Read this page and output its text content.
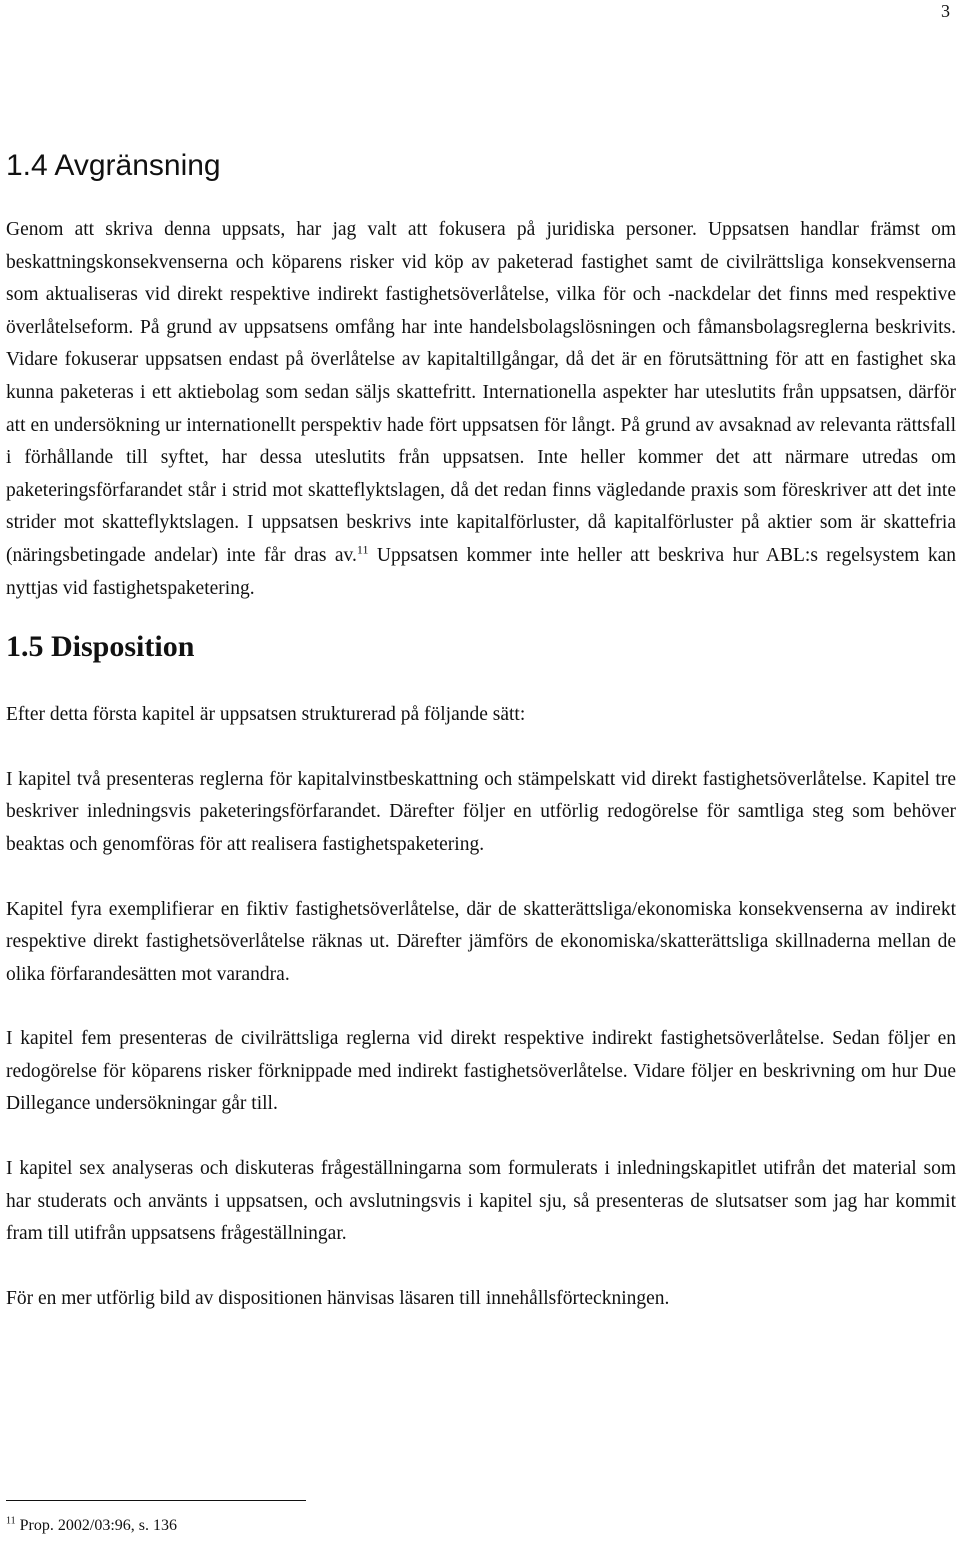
3
1.4 Avgränsning

Genom att skriva denna uppsats, har jag valt att fokusera på juridiska personer. Uppsatsen handlar främst om beskattningskonsekvenserna och köparens risker vid köp av paketerad fastighet samt de civilrättsliga konsekvenserna som aktualiseras vid direkt respektive indirekt fastighetsöverlåtelse, vilka för och -nackdelar det finns med respektive överlåtelseform. På grund av uppsatsens omfång har inte handelsbolagslösningen och fåmansbolagsreglerna beskrivits. Vidare fokuserar uppsatsen endast på överlåtelse av kapitaltillgångar, då det är en förutsättning för att en fastighet ska kunna paketeras i ett aktiebolag som sedan säljs skattefritt. Internationella aspekter har uteslutits från uppsatsen, därför att en undersökning ur internationellt perspektiv hade fört uppsatsen för långt. På grund av avsaknad av relevanta rättsfall i förhållande till syftet, har dessa uteslutits från uppsatsen. Inte heller kommer det att närmare utredas om paketeringsförfarandet står i strid mot skatteflyktslagen, då det redan finns vägledande praxis som föreskriver att det inte strider mot skatteflyktslagen. I uppsatsen beskrivs inte kapitalförluster, då kapitalförluster på aktier som är skattefria (näringsbetingade andelar) inte får dras av.$^{11}$ Uppsatsen kommer inte heller att beskriva hur ABL:s regelsystem kan nyttjas vid fastighetspaketering.

1.5 Disposition

Efter detta första kapitel är uppsatsen strukturerad på följande sätt:

I kapitel två presenteras reglerna för kapitalvinstbeskattning och stämpelskatt vid direkt fastighetsöverlåtelse. Kapitel tre beskriver inledningsvis paketeringsförfarandet. Därefter följer en utförlig redogörelse för samtliga steg som behöver beaktas och genomföras för att realisera fastighetspaketering.

Kapitel fyra exemplifierar en fiktiv fastighetsöverlåtelse, där de skatterättsliga/ekonomiska konsekvenserna av indirekt respektive direkt fastighetsöverlåtelse räknas ut. Därefter jämförs de ekonomiska/skatterättsliga skillnaderna mellan de olika förfarandesätten mot varandra.

I kapitel fem presenteras de civilrättsliga reglerna vid direkt respektive indirekt fastighetsöverlåtelse. Sedan följer en redogörelse för köparens risker förknippade med indirekt fastighetsöverlåtelse. Vidare följer en beskrivning om hur Due Dillegance undersökningar går till.

I kapitel sex analyseras och diskuteras frågeställningarna som formulerats i inledningskapitlet utifrån det material som har studerats och använts i uppsatsen, och avslutningsvis i kapitel sju, så presenteras de slutsatser som jag har kommit fram till utifrån uppsatsens frågeställningar.

För en mer utförlig bild av dispositionen hänvisas läsaren till innehållsförteckningen.

$^{11}$ Prop. 2002/03:96, s. 136
